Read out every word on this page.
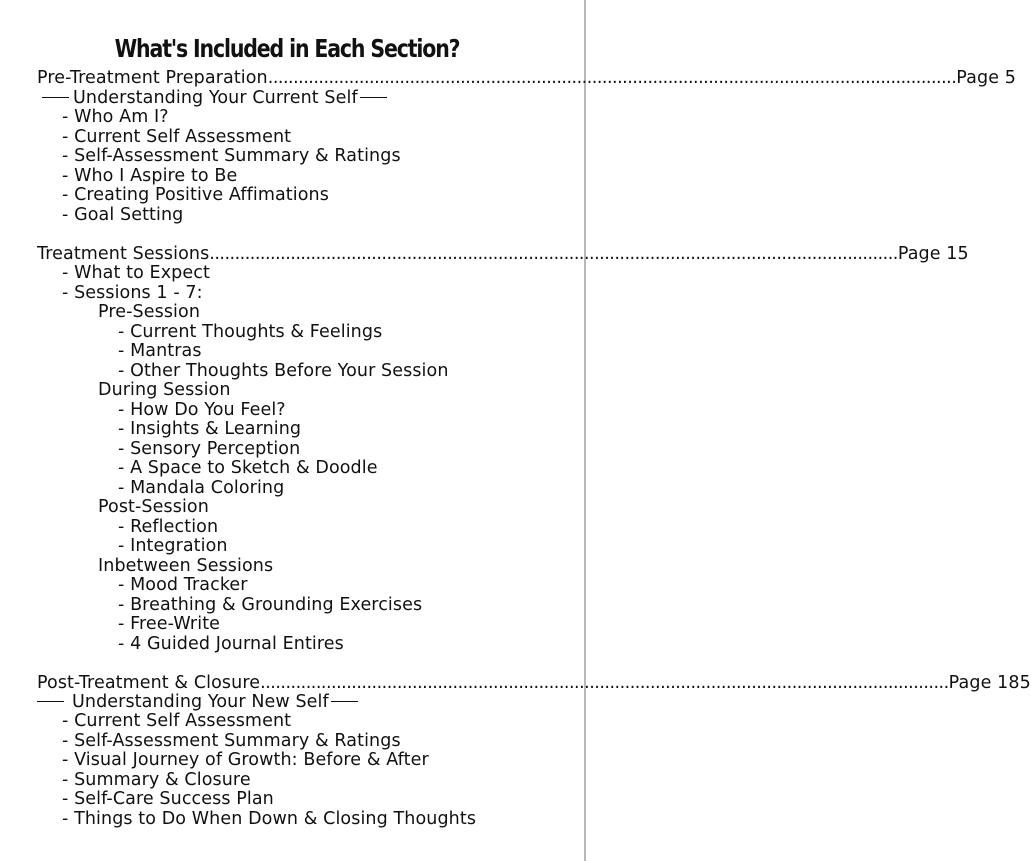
What's Included in Each Section?
Pre-Treatment Preparation ........................................................................................................................................ Page 5
Understanding Your Current Self
- Who Am I?
- Current Self Assessment
- Self-Assessment Summary & Ratings
- Who I Aspire to Be
- Creating Positive Affimations
- Goal Setting
Treatment Sessions ........................................................................................................................................ Page 15
- What to Expect
- Sessions 1 - 7:
Pre-Session
- Current Thoughts & Feelings
- Mantras
- Other Thoughts Before Your Session
During Session
- How Do You Feel?
- Insights & Learning
- Sensory Perception
- A Space to Sketch & Doodle
- Mandala Coloring
Post-Session
- Reflection
- Integration
Inbetween Sessions
- Mood Tracker
- Breathing & Grounding Exercises
- Free-Write
- 4 Guided Journal Entires
Post-Treatment & Closure ........................................................................................................................................ Page 185
Understanding Your New Self
- Current Self Assessment
- Self-Assessment Summary & Ratings
- Visual Journey of Growth: Before & After
- Summary & Closure
- Self-Care Success Plan
- Things to Do When Down & Closing Thoughts
